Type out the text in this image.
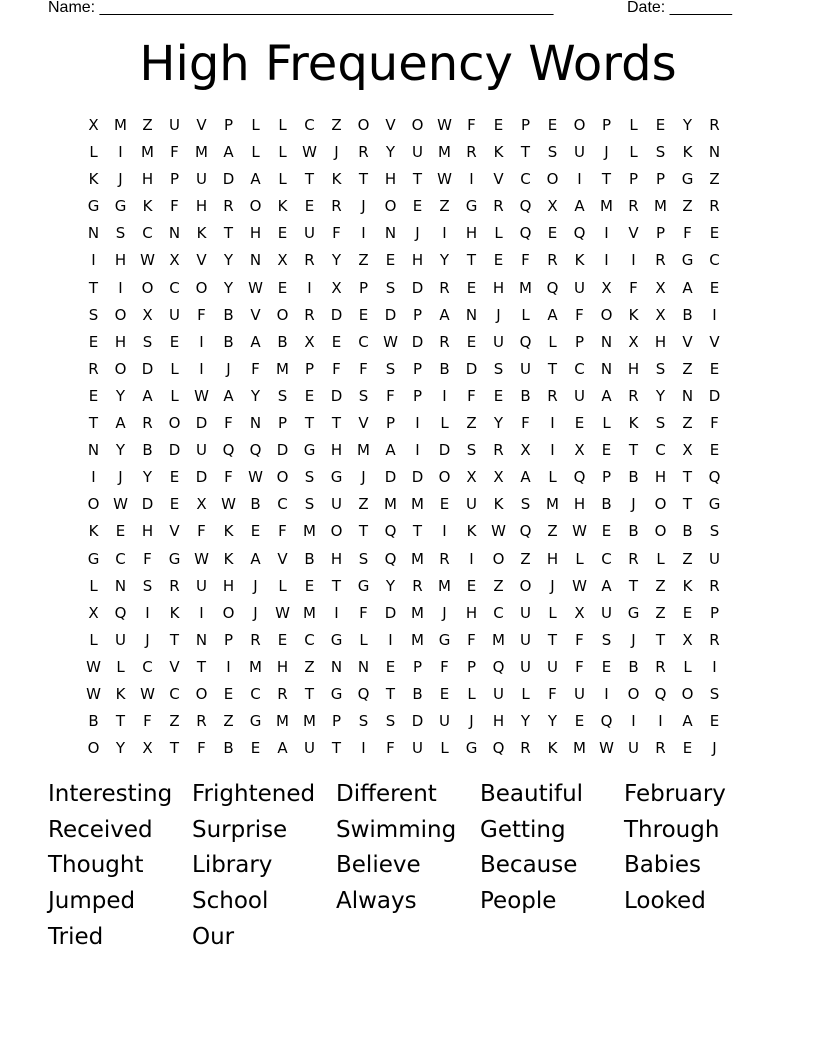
Name: ___________________________________________________	Date: _______
High Frequency Words
X	M	Z	U	V	P	L	L	C	Z	O	V	O W	F	E	P	E	O	P	L	E	Y	R
L	I	M	F	M	A	L	L	W	J	R	Y	U	M	R	K	T	S	U	J	L	S	K	N
K	J	H	P	U	D	A	L	T	K	T	H	T	W	I	V	C	O	I	T	P	P	G	Z
G	G	K	F	H	R	O	K	E	R	J	O	E	Z	G	R	Q	X	A	M	R	M	Z	R
N	S	C	N	K	T	H	E	U	F	I	N	J	I	H	L	Q	E	Q	I	V	P	F	E
I	H W X	V	Y	N	X	R	Y	Z	E	H	Y	T	E	F	R	K	I	I	R	G	C
T	I	O	C	O	Y	W E	I	X	P	S	D	R	E	H M Q	U	X	F	X	A	E
S	O	X	U	F	B	V	O	R	D	E	D	P	A	N	J	L	A	F	O	K	X	B	I
E	H	S	E	I	B	A	B	X	E	C W D	R	E	U	Q	L	P	N	X	H	V	V
R	O	D	L	I	J	F	M	P	F	F	S	P	B	D	S	U	T	C	N	H	S	Z	E
E	Y	A	L	W A	Y	S	E	D	S	F	P	I	F	E	B	R	U	A	R	Y	N	D
T	A	R	O	D	F	N	P	T	T	V	P	I	L	Z	Y	F	I	E	L	K	S	Z	F
N	Y	B	D	U	Q	Q	D	G	H M	A	I	D	S	R	X	I	X	E	T	C	X	E
I	J	Y	E	D	F	W O	S	G	J	D	D	O	X	X	A	L	Q	P	B	H	T	Q
O W D	E	X W B	C	S	U	Z	M M	E	U	K	S	M H	B	J	O	T	G
K	E	H	V	F	K	E	F	M O	T	Q	T	I	K W Q	Z W E	B	O	B	S
G	C	F	G W K	A	V	B	H	S	Q M	R	I	O	Z	H	L	C	R	L	Z	U
L	N	S	R	U	H	J	L	E	T	G	Y	R	M	E	Z	O	J	W A	T	Z	K	R
X	Q	I	K	I	O	J	W M	I	F	D M	J	H	C	U	L	X	U	G	Z	E	P
L	U	J	T	N	P	R	E	C	G	L	I	M G	F	M	U	T	F	S	J	T	X	R
W	L	C	V	T	I	M H	Z	N	N	E	P	F	P	Q	U	U	F	E	B	R	L	I
W K W C	O	E	C	R	T	G	Q	T	B	E	L	U	L	F	U	I	O	Q	O	S
B	T	F	Z	R	Z	G M M	P	S	S	D	U	J	H	Y	Y	E	Q	I	I	A	E
O	Y	X	T	F	B	E	A	U	T	I	F	U	L	G	Q	R	K	M W U	R	E	J
Interesting Frightened Different	Beautiful	February
Received	Surprise	Swimming	Getting	Through
Thought	Library	Believe	Because	Babies
Jumped	School	Always	People	Looked
Tried	Our
